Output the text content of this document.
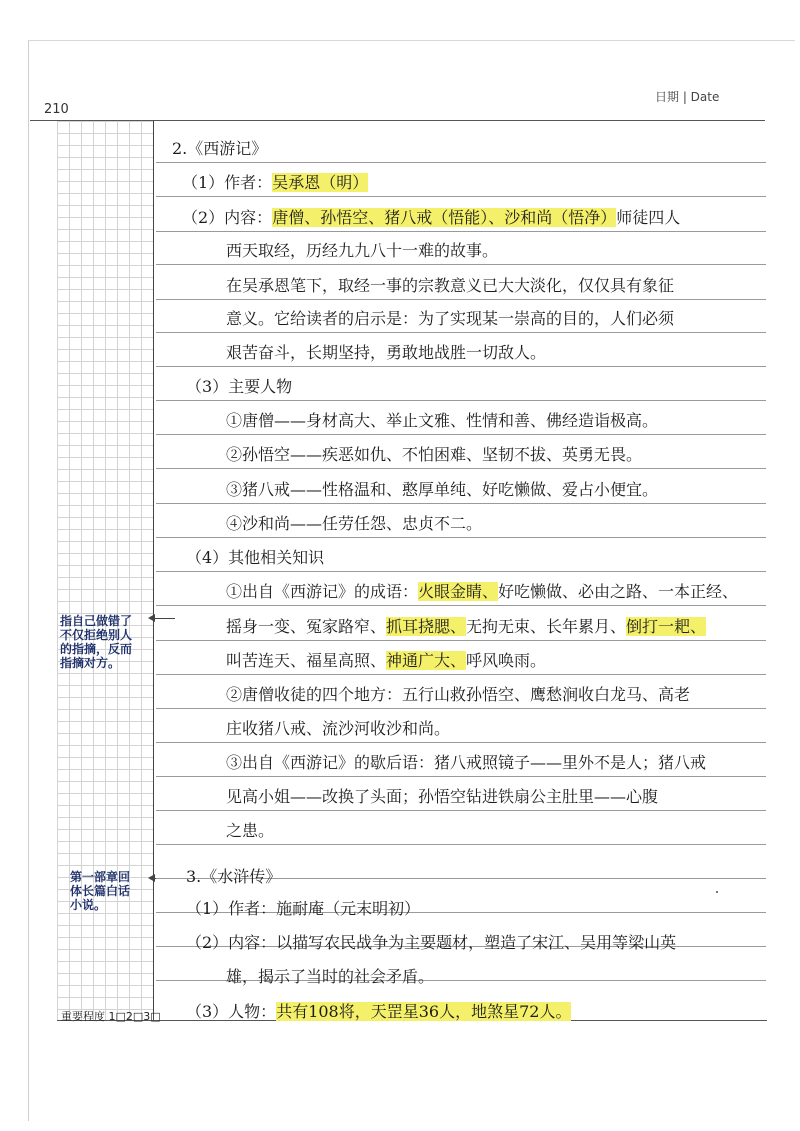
210
日期 | Date
指自己做错了
不仅拒绝别人
的指摘，反而
指摘对方。
第一部章回
体长篇白话
小说。
重要程度 1□2□3□
2.《西游记》
（1）作者：吴承恩（明）
（2）内容：唐僧、孙悟空、猪八戒（悟能）、沙和尚（悟净）师徒四人
西天取经，历经九九八十一难的故事。
在吴承恩笔下，取经一事的宗教意义已大大淡化，仅仅具有象征
意义。它给读者的启示是：为了实现某一崇高的目的，人们必须
艰苦奋斗，长期坚持，勇敢地战胜一切敌人。
（3）主要人物
①唐僧——身材高大、举止文雅、性情和善、佛经造诣极高。
②孙悟空——疾恶如仇、不怕困难、坚韧不拔、英勇无畏。
③猪八戒——性格温和、憨厚单纯、好吃懒做、爱占小便宜。
④沙和尚——任劳任怨、忠贞不二。
（4）其他相关知识
①出自《西游记》的成语：火眼金睛、好吃懒做、必由之路、一本正经、
摇身一变、冤家路窄、抓耳挠腮、无拘无束、长年累月、倒打一耙、
叫苦连天、福星高照、神通广大、呼风唤雨。
②唐僧收徒的四个地方：五行山救孙悟空、鹰愁涧收白龙马、高老
庄收猪八戒、流沙河收沙和尚。
③出自《西游记》的歇后语：猪八戒照镜子——里外不是人；猪八戒
见高小姐——改换了头面；孙悟空钻进铁扇公主肚里——心腹
之患。
3.《水浒传》
（1）作者：施耐庵（元末明初）
（2）内容：以描写农民战争为主要题材，塑造了宋江、吴用等梁山英
雄，揭示了当时的社会矛盾。
（3）人物：共有108将，天罡星36人，地煞星72人。
